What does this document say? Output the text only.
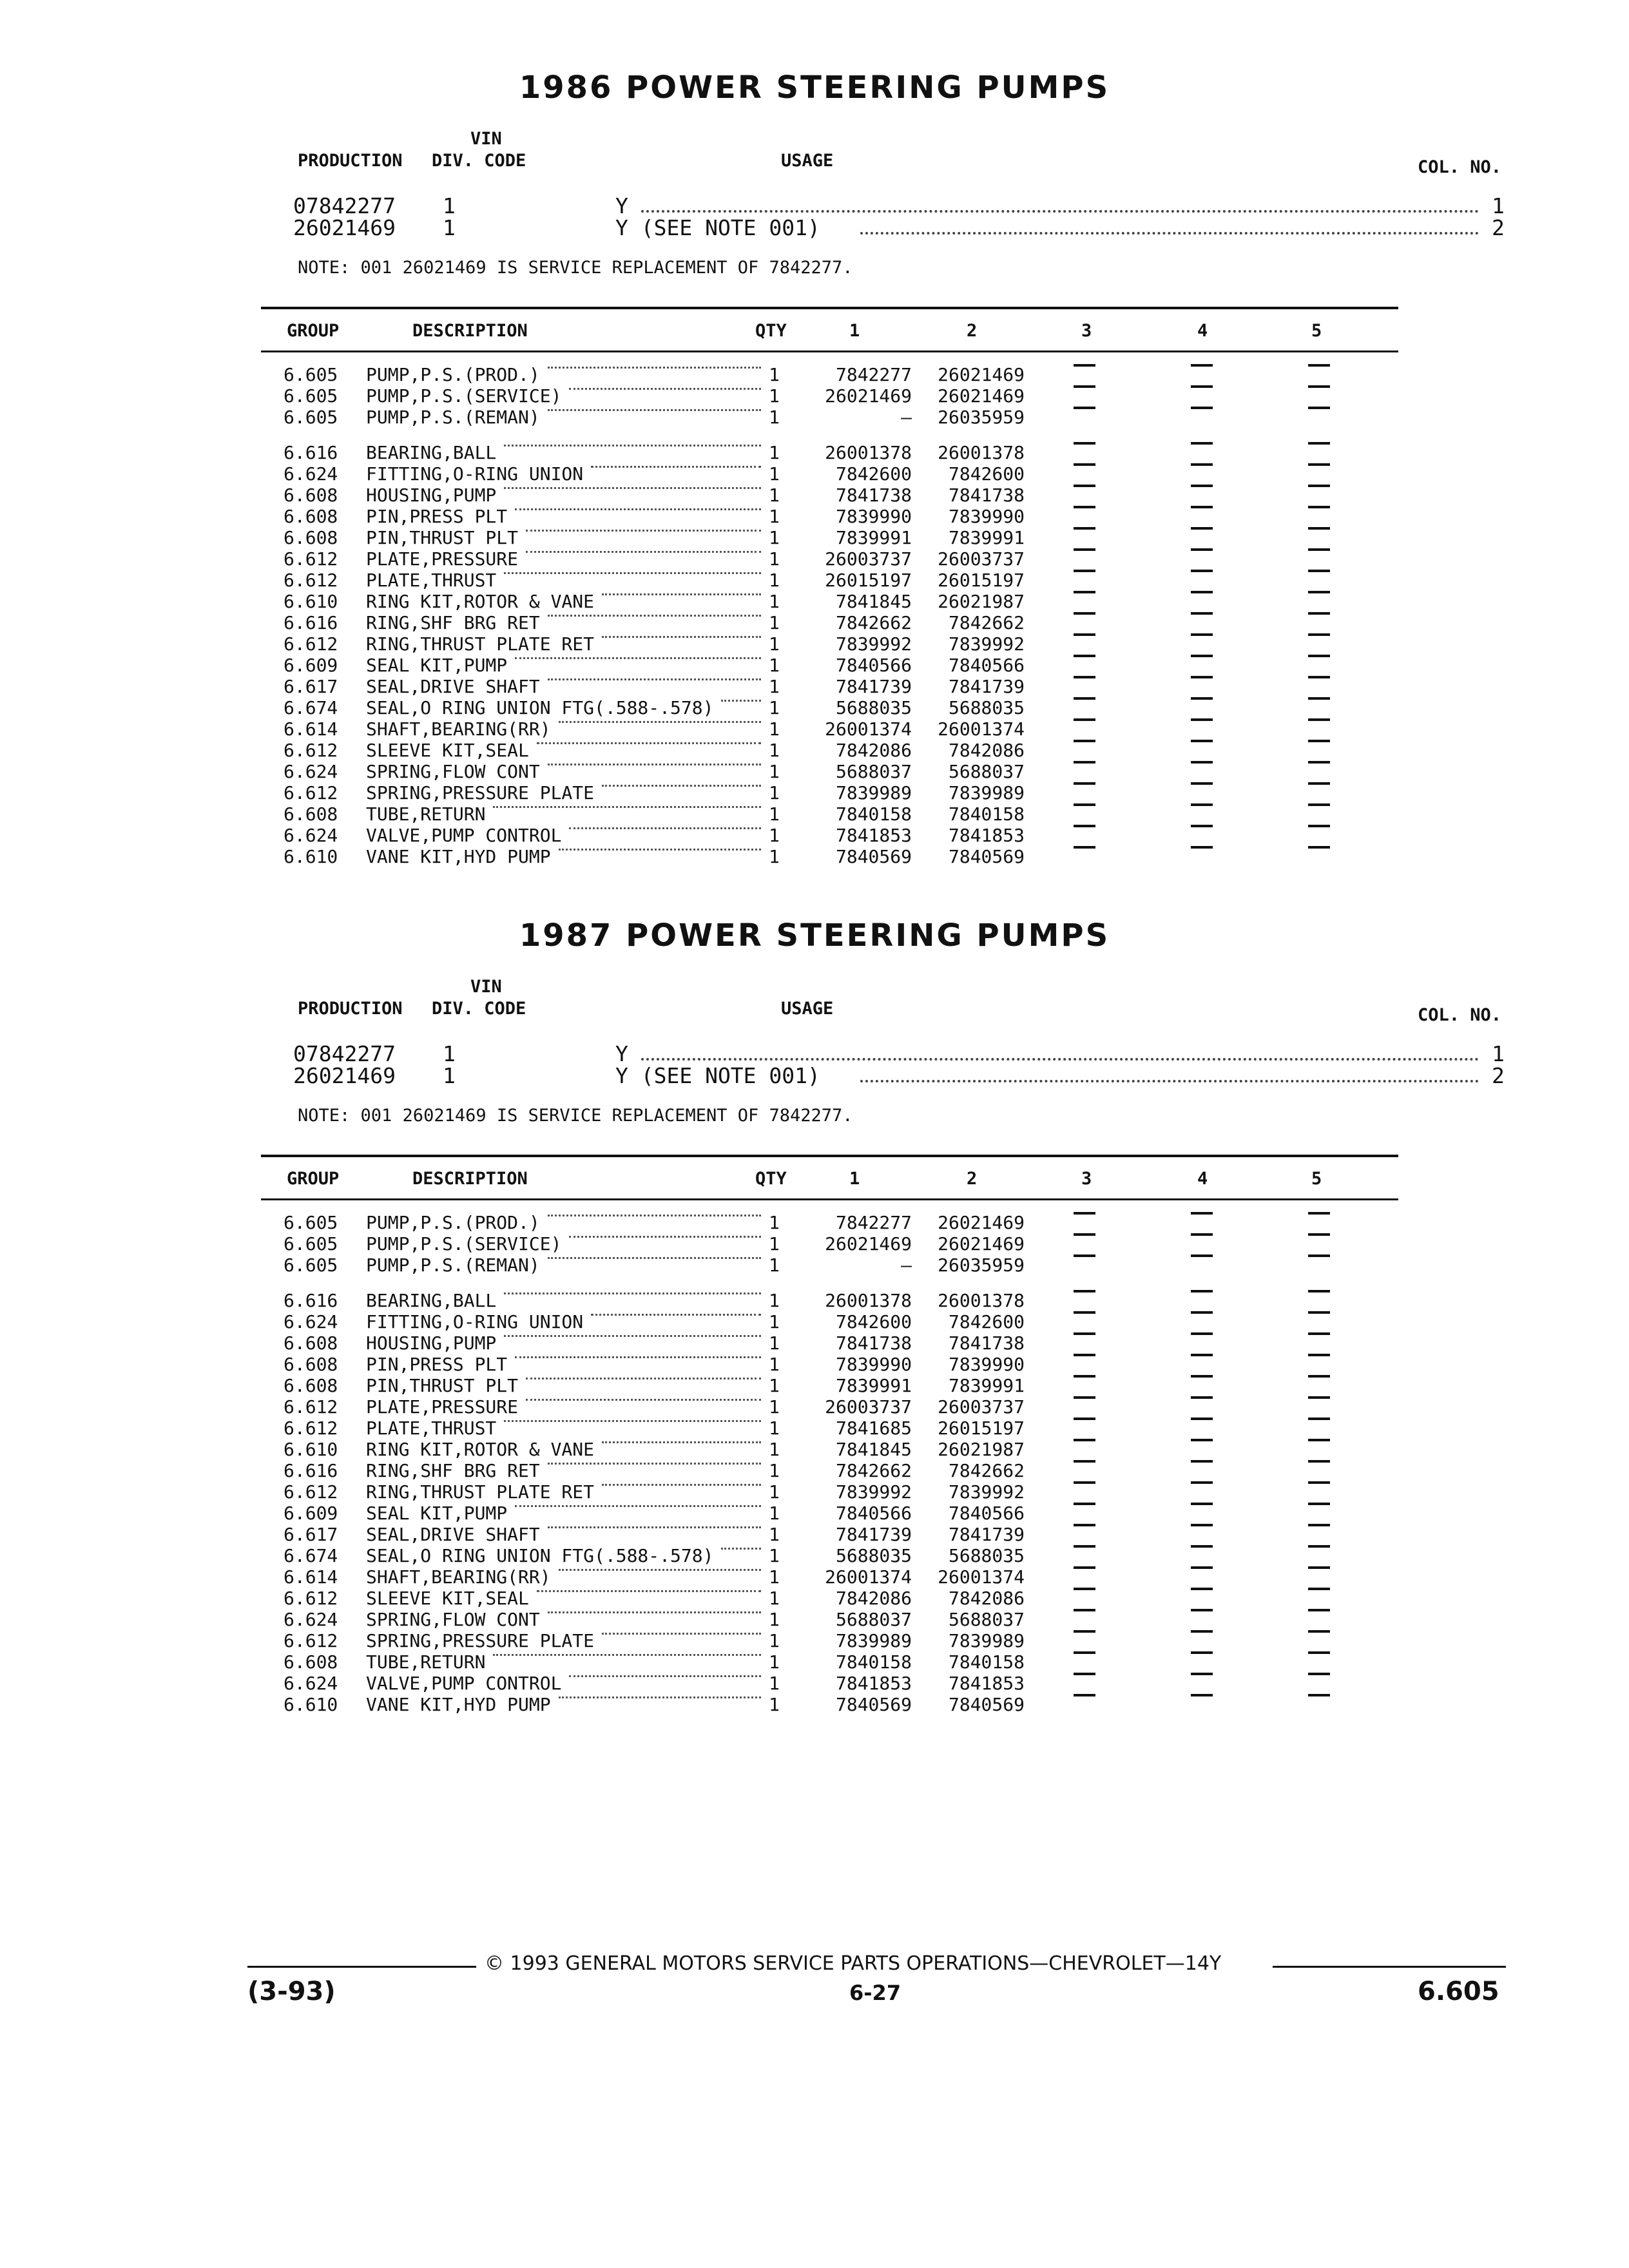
1986 POWER STEERING PUMPS
VIN
PRODUCTION DIV. CODE	USAGE	COL. NO.
07842277 1	Y	1
26021469 1	Y (SEE NOTE 001)	2
NOTE: 001 26021469 IS SERVICE REPLACEMENT OF 7842277.
GROUP	DESCRIPTION	QTY	1	2	3	4	5
6.605 PUMP,P.S.(PROD.)	1	7842277	26021469
6.605 PUMP,P.S.(SERVICE)	1	26021469	26021469
6.605 PUMP,P.S.(REMAN)	1	—	26035959
6.616 BEARING,BALL	1	26001378	26001378
6.624 FITTING,O-RING UNION	1	7842600	7842600
6.608 HOUSING,PUMP	1	7841738	7841738
6.608 PIN,PRESS PLT	1	7839990	7839990
6.608 PIN,THRUST PLT	1	7839991	7839991
6.612 PLATE,PRESSURE	1	26003737	26003737
6.612 PLATE,THRUST	1	26015197	26015197
6.610 RING KIT,ROTOR & VANE	1	7841845	26021987
6.616 RING,SHF BRG RET	1	7842662	7842662
6.612 RING,THRUST PLATE RET	1	7839992	7839992
6.609 SEAL KIT,PUMP	1	7840566	7840566
6.617 SEAL,DRIVE SHAFT	1	7841739	7841739
6.674 SEAL,O RING UNION FTG(.588-.578)	1	5688035	5688035
6.614 SHAFT,BEARING(RR)	1	26001374	26001374
6.612 SLEEVE KIT,SEAL	1	7842086	7842086
6.624 SPRING,FLOW CONT	1	5688037	5688037
6.612 SPRING,PRESSURE PLATE	1	7839989	7839989
6.608 TUBE,RETURN	1	7840158	7840158
6.624 VALVE,PUMP CONTROL	1	7841853	7841853
6.610 VANE KIT,HYD PUMP	1	7840569	7840569
1987 POWER STEERING PUMPS
VIN
PRODUCTION DIV. CODE	USAGE	COL. NO.
07842277 1	Y	1
26021469 1	Y (SEE NOTE 001)	2
NOTE: 001 26021469 IS SERVICE REPLACEMENT OF 7842277.
GROUP	DESCRIPTION	QTY	1	2	3	4	5
6.605 PUMP,P.S.(PROD.)	1	7842277	26021469
6.605 PUMP,P.S.(SERVICE)	1	26021469	26021469
6.605 PUMP,P.S.(REMAN)	1	—	26035959
6.616 BEARING,BALL	1	26001378	26001378
6.624 FITTING,O-RING UNION	1	7842600	7842600
6.608 HOUSING,PUMP	1	7841738	7841738
6.608 PIN,PRESS PLT	1	7839990	7839990
6.608 PIN,THRUST PLT	1	7839991	7839991
6.612 PLATE,PRESSURE	1	26003737	26003737
6.612 PLATE,THRUST	1	7841685	26015197
6.610 RING KIT,ROTOR & VANE	1	7841845	26021987
6.616 RING,SHF BRG RET	1	7842662	7842662
6.612 RING,THRUST PLATE RET	1	7839992	7839992
6.609 SEAL KIT,PUMP	1	7840566	7840566
6.617 SEAL,DRIVE SHAFT	1	7841739	7841739
6.674 SEAL,O RING UNION FTG(.588-.578)	1	5688035	5688035
6.614 SHAFT,BEARING(RR)	1	26001374	26001374
6.612 SLEEVE KIT,SEAL	1	7842086	7842086
6.624 SPRING,FLOW CONT	1	5688037	5688037
6.612 SPRING,PRESSURE PLATE	1	7839989	7839989
6.608 TUBE,RETURN	1	7840158	7840158
6.624 VALVE,PUMP CONTROL	1	7841853	7841853
6.610 VANE KIT,HYD PUMP	1	7840569	7840569
© 1993 GENERAL MOTORS SERVICE PARTS OPERATIONS—CHEVROLET—14Y
(3-93)	6-27	6.605
